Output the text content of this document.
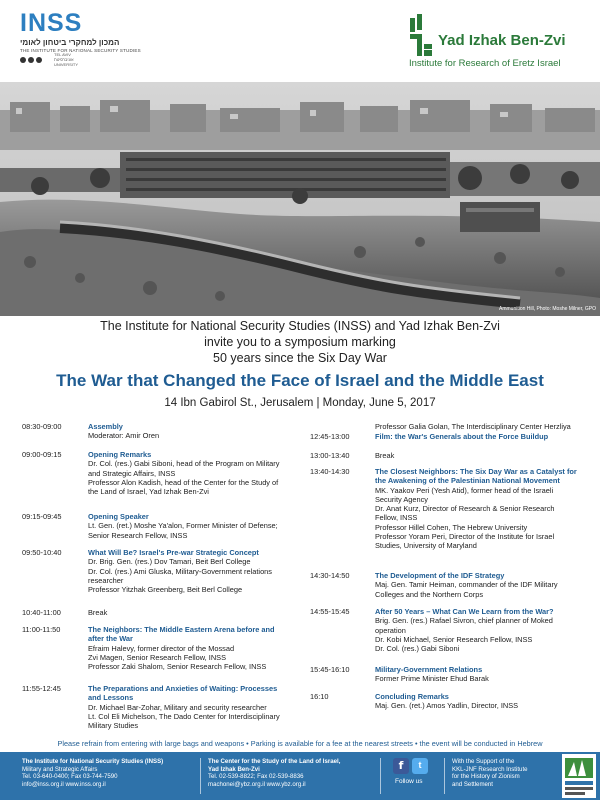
INSS
המכון למחקרי ביטחון לאומי
THE INSTITUTE FOR NATIONAL SECURITY STUDIES
TEL AVIV
אוניברסיטת
UNIVERSITY
Yad Izhak Ben-Zvi
Institute for Research of Eretz Israel
Ammunition Hill, Photo: Moshe Milner, GPO
The Institute for National Security Studies (INSS) and Yad Izhak Ben-Zvi
invite you to a symposium marking
50 years since the Six Day War
The War that Changed the Face of Israel and the Middle East
14 Ibn Gabirol St., Jerusalem | Monday, June 5, 2017
08:30-09:00	Assembly
Moderator: Amir Oren
09:00-09:15	Opening Remarks
Dr. Col. (res.) Gabi Siboni, head of the Program on Military
and Strategic Affairs, INSS
Professor Alon Kadish, head of the Center for the Study of
the Land of Israel, Yad Izhak Ben-Zvi
09:15-09:45	Opening Speaker
Lt. Gen. (ret.) Moshe Ya'alon, Former Minister of Defense;
Senior Research Fellow, INSS
09:50-10:40	What Will Be? Israel's Pre-war Strategic Concept
Dr. Brig. Gen. (res.) Dov Tamari, Beit Berl College
Dr. Col. (res.) Ami Gluska, Military-Government relations
researcher
Professor Yitzhak Greenberg, Beit Berl College
10:40-11:00	Break
11:00-11:50	The Neighbors: The Middle Eastern Arena before and
after the War
Efraim Halevy, former director of the Mossad
Zvi Magen, Senior Research Fellow, INSS
Professor Zaki Shalom, Senior Research Fellow, INSS
11:55-12:45	The Preparations and Anxieties of Waiting: Processes
and Lessons
Dr. Michael Bar-Zohar, Military and security researcher
Lt. Col Eli Michelson, The Dado Center for Interdisciplinary
Military Studies
Professor Galia Golan, The Interdisciplinary Center Herzliya
12:45-13:00	Film: the War's Generals about the Force Buildup
13:00-13:40	Break
13:40-14:30	The Closest Neighbors: The Six Day War as a Catalyst for
the Awakening of the Palestinian National Movement
MK. Yaakov Peri (Yesh Atid), former head of the Israeli
Security Agency
Dr. Anat Kurz, Director of Research & Senior Research
Fellow, INSS
Professor Hillel Cohen, The Hebrew University
Professor Yoram Peri, Director of the Institute for Israel
Studies, University of Maryland
14:30-14:50	The Development of the IDF Strategy
Maj. Gen. Tamir Heiman, commander of the IDF Military
Colleges and the Northern Corps
14:55-15:45	After 50 Years – What Can We Learn from the War?
Brig. Gen. (res.) Rafael Sivron, chief planner of Moked
operation
Dr. Kobi Michael, Senior Research Fellow, INSS
Dr. Col. (res.) Gabi Siboni
15:45-16:10	Military-Government Relations
Former Prime Minister Ehud Barak
16:10	Concluding Remarks
Maj. Gen. (ret.) Amos Yadlin, Director, INSS
Please refrain from entering with large bags and weapons • Parking is available for a fee at the nearest streets • the event will be conducted in Hebrew
The Institute for National Security Studies (INSS)
Military and Strategic Affairs
Tel. 03-640-0400; Fax 03-744-7590
info@inss.org.il www.inss.org.il
The Center for the Study of the Land of Israel,
Yad Izhak Ben-Zvi
Tel. 02-539-8822; Fax 02-539-8836
machonei@ybz.org.il www.ybz.org.il
f	t
Follow us
With the Support of the
KKL-JNF Research Institute
for the History of Zionism
and Settlement
